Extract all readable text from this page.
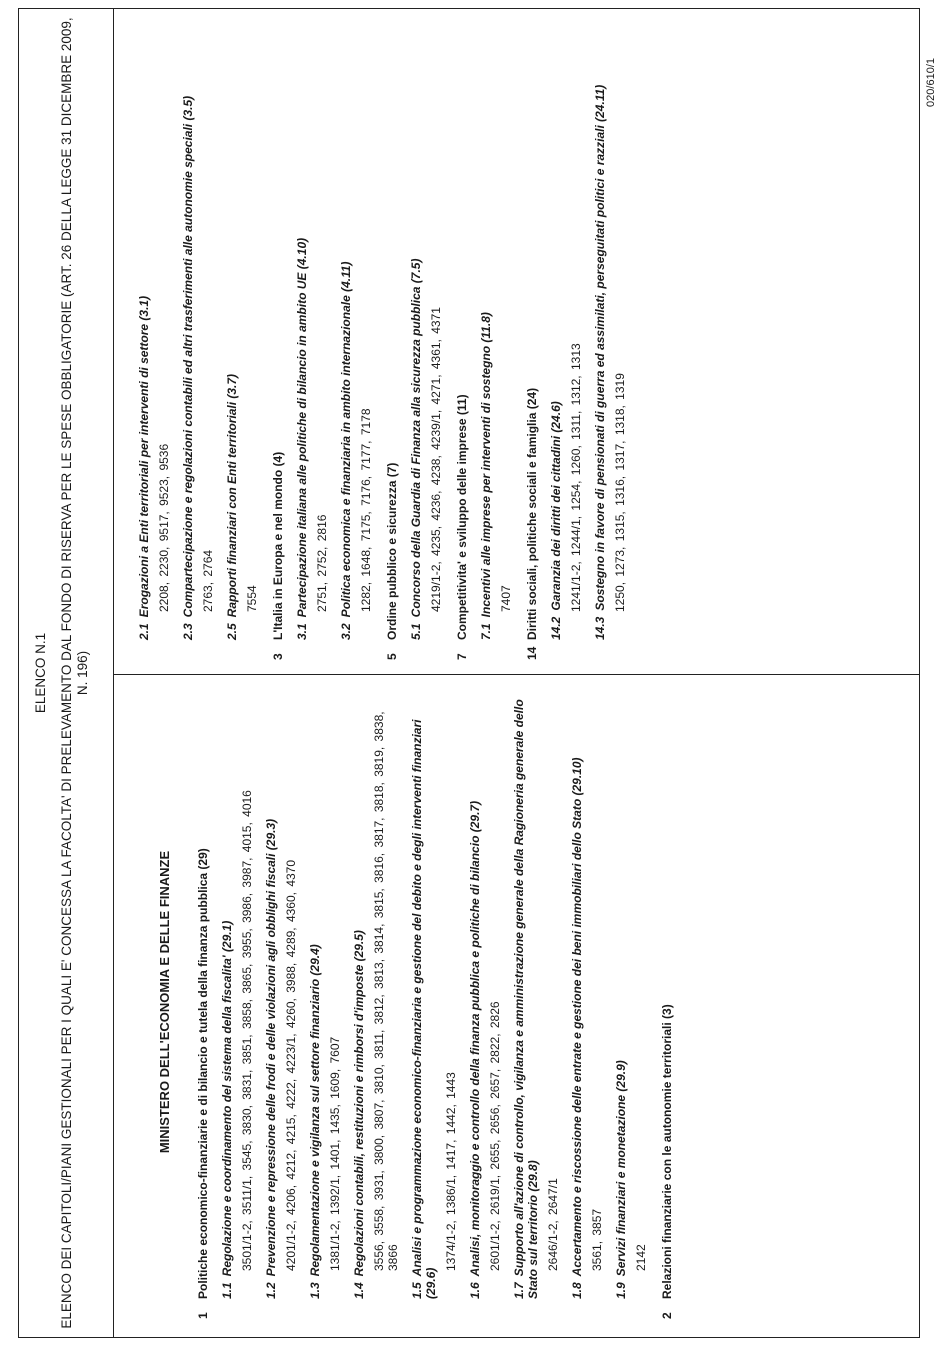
020/610/1
ELENCO N.1 ELENCO DEI CAPITOLI/PIANI GESTIONALI PER I QUALI E' CONCESSA LA FACOLTA' DI PRELEVAMENTO DAL FONDO DI RISERVA PER LE SPESE OBBLIGATORIE (ART. 26 DELLA LEGGE 31 DICEMBRE 2009, N. 196)
MINISTERO DELL'ECONOMIA E DELLE FINANZE
1
Politiche economico-finanziarie e di bilancio e tutela della finanza pubblica (29) 1.1Regolazione e coordinamento del sistema della fiscalita' (29.1) 3501/1-2, 3511/1, 3545, 3830, 3831, 3851, 3858, 3865, 3955, 3986, 3987, 4015, 4016
1.2Prevenzione e repressione delle frodi e delle violazioni agli obblighi fiscali (29.3) 4201/1-2, 4206, 4212, 4215, 4222, 4223/1, 4260, 3988, 4289, 4360, 4370
1.3Regolamentazione e vigilanza sul settore finanziario (29.4) 1381/1-2, 1392/1, 1401, 1435, 1609, 7607
1.4Regolazioni contabili, restituzioni e rimborsi d'imposte (29.5) 3556, 3558, 3931, 3800, 3807, 3810, 3811, 3812, 3813, 3814, 3815, 3816, 3817, 3818, 3819, 3838, 3866
1.5Analisi e programmazione economico-finanziaria e gestione del debito e degli interventi finanziari (29.6)
1374/1-2, 1386/1, 1417, 1442, 1443
1.6Analisi, monitoraggio e controllo della finanza pubblica e politiche di bilancio (29.7) 2601/1-2, 2619/1, 2655, 2656, 2657, 2822, 2826
1.7Supporto all'azione di controllo, vigilanza e amministrazione generale della Ragioneria generale dello Stato sul territorio (29.8) 2646/1-2, 2647/1
1.8Accertamento e riscossione delle entrate e gestione dei beni immobiliari dello Stato (29.10) 3561, 3857
1.9Servizi finanziari e monetazione (29.9) 2142
2
Relazioni finanziarie con le autonomie territoriali (3)
2.1Erogazioni a Enti territoriali per interventi di settore (3.1) 2208, 2230, 9517, 9523, 9536
2.3Compartecipazione e regolazioni contabili ed altri trasferimenti alle autonomie speciali (3.5) 2763, 2764
2.5Rapporti finanziari con Enti territoriali (3.7) 7554
3
L'Italia in Europa e nel mondo (4) 3.1Partecipazione italiana alle politiche di bilancio in ambito UE (4.10) 2751, 2752, 2816
3.2Politica economica e finanziaria in ambito internazionale (4.11) 1282, 1648, 7175, 7176, 7177, 7178
5
Ordine pubblico e sicurezza (7) 5.1Concorso della Guardia di Finanza alla sicurezza pubblica (7.5) 4219/1-2, 4235, 4236, 4238, 4239/1, 4271, 4361, 4371
7
Competitivita' e sviluppo delle imprese (11) 7.1Incentivi alle imprese per interventi di sostegno (11.8) 7407
14
Diritti sociali, politiche sociali e famiglia (24) 14.2Garanzia dei diritti dei cittadini (24.6) 1241/1-2, 1244/1, 1254, 1260, 1311, 1312, 1313
14.3Sostegno in favore di pensionati di guerra ed assimilati, perseguitati politici e razziali (24.11) 1250, 1273, 1315, 1316, 1317, 1318, 1319
